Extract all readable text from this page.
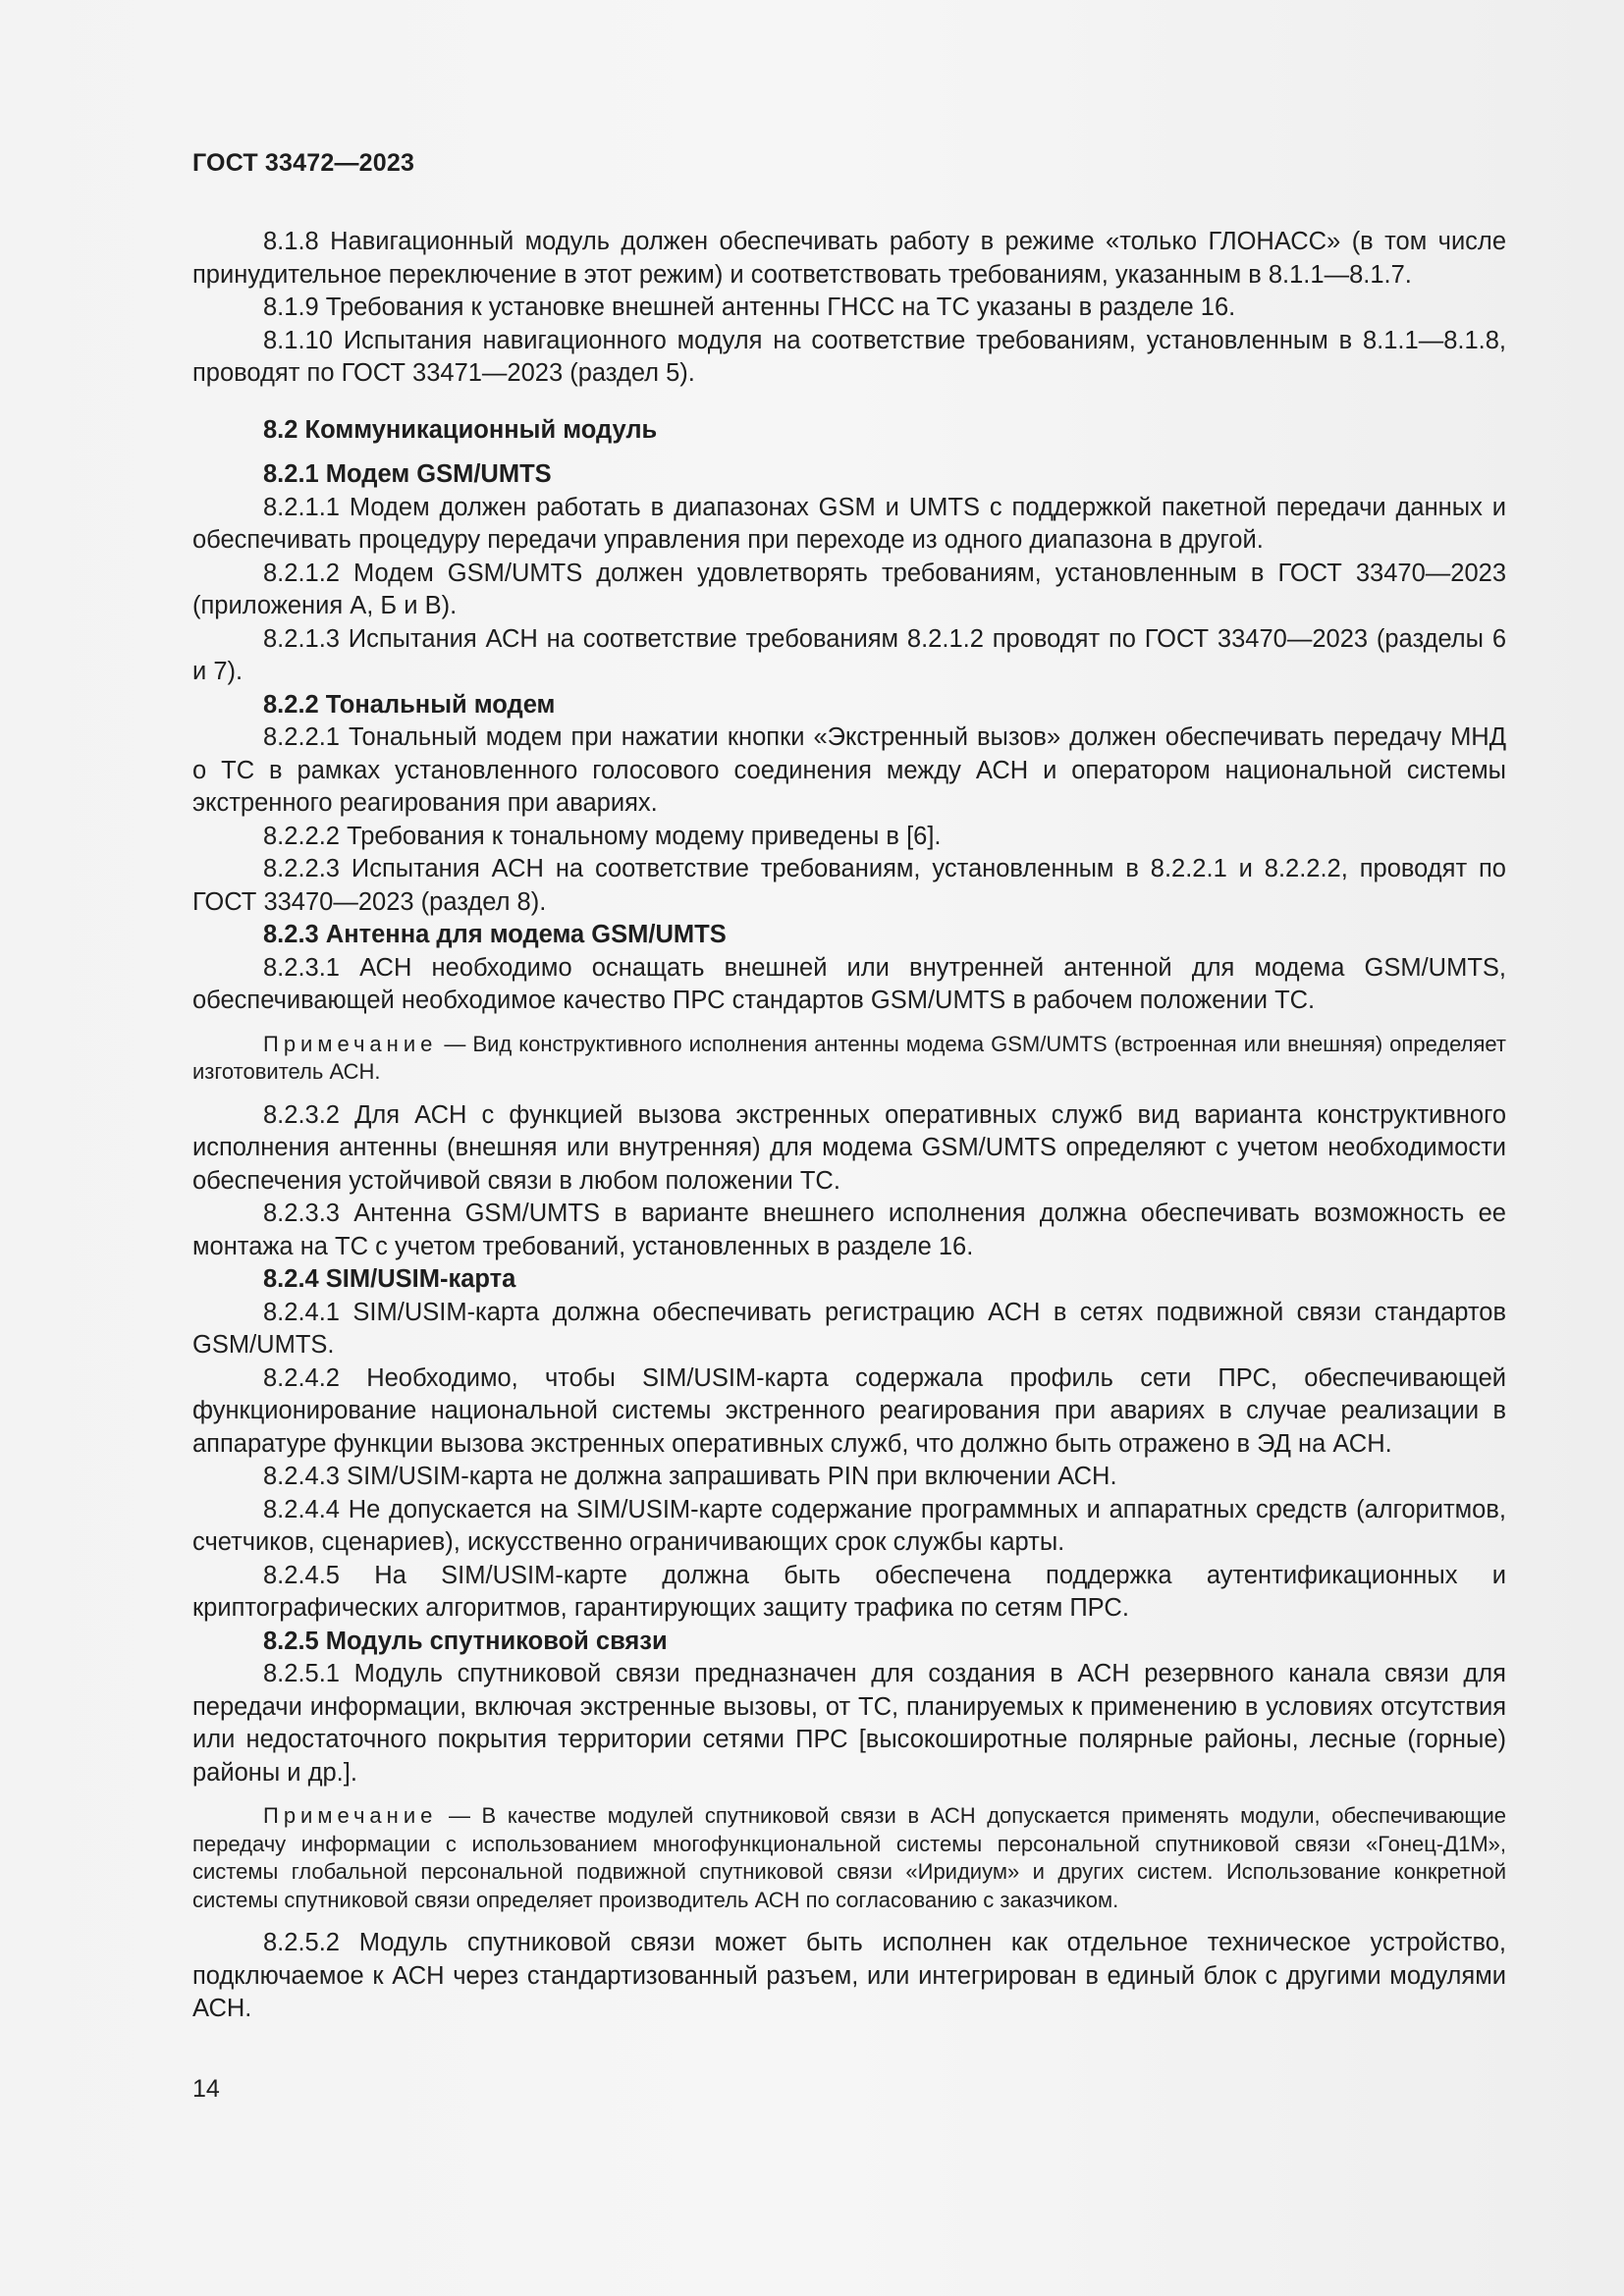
ГОСТ 33472—2023

8.1.8 Навигационный модуль должен обеспечивать работу в режиме «только ГЛОНАСС» (в том числе принудительное переключение в этот режим) и соответствовать требованиям, указанным в 8.1.1—8.1.7.

8.1.9 Требования к установке внешней антенны ГНСС на ТС указаны в разделе 16.

8.1.10 Испытания навигационного модуля на соответствие требованиям, установленным в 8.1.1—8.1.8, проводят по ГОСТ 33471—2023 (раздел 5).

8.2 Коммуникационный модуль

8.2.1 Модем GSM/UMTS

8.2.1.1 Модем должен работать в диапазонах GSM и UMTS с поддержкой пакетной передачи данных и обеспечивать процедуру передачи управления при переходе из одного диапазона в другой.

8.2.1.2 Модем GSM/UMTS должен удовлетворять требованиям, установленным в ГОСТ 33470—2023 (приложения А, Б и В).

8.2.1.3 Испытания АСН на соответствие требованиям 8.2.1.2 проводят по ГОСТ 33470—2023 (разделы 6 и 7).

8.2.2 Тональный модем

8.2.2.1 Тональный модем при нажатии кнопки «Экстренный вызов» должен обеспечивать передачу МНД о ТС в рамках установленного голосового соединения между АСН и оператором национальной системы экстренного реагирования при авариях.

8.2.2.2 Требования к тональному модему приведены в [6].

8.2.2.3 Испытания АСН на соответствие требованиям, установленным в 8.2.2.1 и 8.2.2.2, проводят по ГОСТ 33470—2023 (раздел 8).

8.2.3 Антенна для модема GSM/UMTS

8.2.3.1 АСН необходимо оснащать внешней или внутренней антенной для модема GSM/UMTS, обеспечивающей необходимое качество ПРС стандартов GSM/UMTS в рабочем положении ТС.

Примечание — Вид конструктивного исполнения антенны модема GSM/UMTS (встроенная или внешняя) определяет изготовитель АСН.

8.2.3.2 Для АСН с функцией вызова экстренных оперативных служб вид варианта конструктивного исполнения антенны (внешняя или внутренняя) для модема GSM/UMTS определяют с учетом необходимости обеспечения устойчивой связи в любом положении ТС.

8.2.3.3 Антенна GSM/UMTS в варианте внешнего исполнения должна обеспечивать возможность ее монтажа на ТС с учетом требований, установленных в разделе 16.

8.2.4 SIM/USIM-карта

8.2.4.1 SIM/USIM-карта должна обеспечивать регистрацию АСН в сетях подвижной связи стандартов GSM/UMTS.

8.2.4.2 Необходимо, чтобы SIM/USIM-карта содержала профиль сети ПРС, обеспечивающей функционирование национальной системы экстренного реагирования при авариях в случае реализации в аппаратуре функции вызова экстренных оперативных служб, что должно быть отражено в ЭД на АСН.

8.2.4.3 SIM/USIM-карта не должна запрашивать PIN при включении АСН.

8.2.4.4 Не допускается на SIM/USIM-карте содержание программных и аппаратных средств (алгоритмов, счетчиков, сценариев), искусственно ограничивающих срок службы карты.

8.2.4.5 На SIM/USIM-карте должна быть обеспечена поддержка аутентификационных и криптографических алгоритмов, гарантирующих защиту трафика по сетям ПРС.

8.2.5 Модуль спутниковой связи

8.2.5.1 Модуль спутниковой связи предназначен для создания в АСН резервного канала связи для передачи информации, включая экстренные вызовы, от ТС, планируемых к применению в условиях отсутствия или недостаточного покрытия территории сетями ПРС [высокоширотные полярные районы, лесные (горные) районы и др.].

Примечание — В качестве модулей спутниковой связи в АСН допускается применять модули, обеспечивающие передачу информации с использованием многофункциональной системы персональной спутниковой связи «Гонец-Д1М», системы глобальной персональной подвижной спутниковой связи «Иридиум» и других систем. Использование конкретной системы спутниковой связи определяет производитель АСН по согласованию с заказчиком.

8.2.5.2 Модуль спутниковой связи может быть исполнен как отдельное техническое устройство, подключаемое к АСН через стандартизованный разъем, или интегрирован в единый блок с другими модулями АСН.

14
